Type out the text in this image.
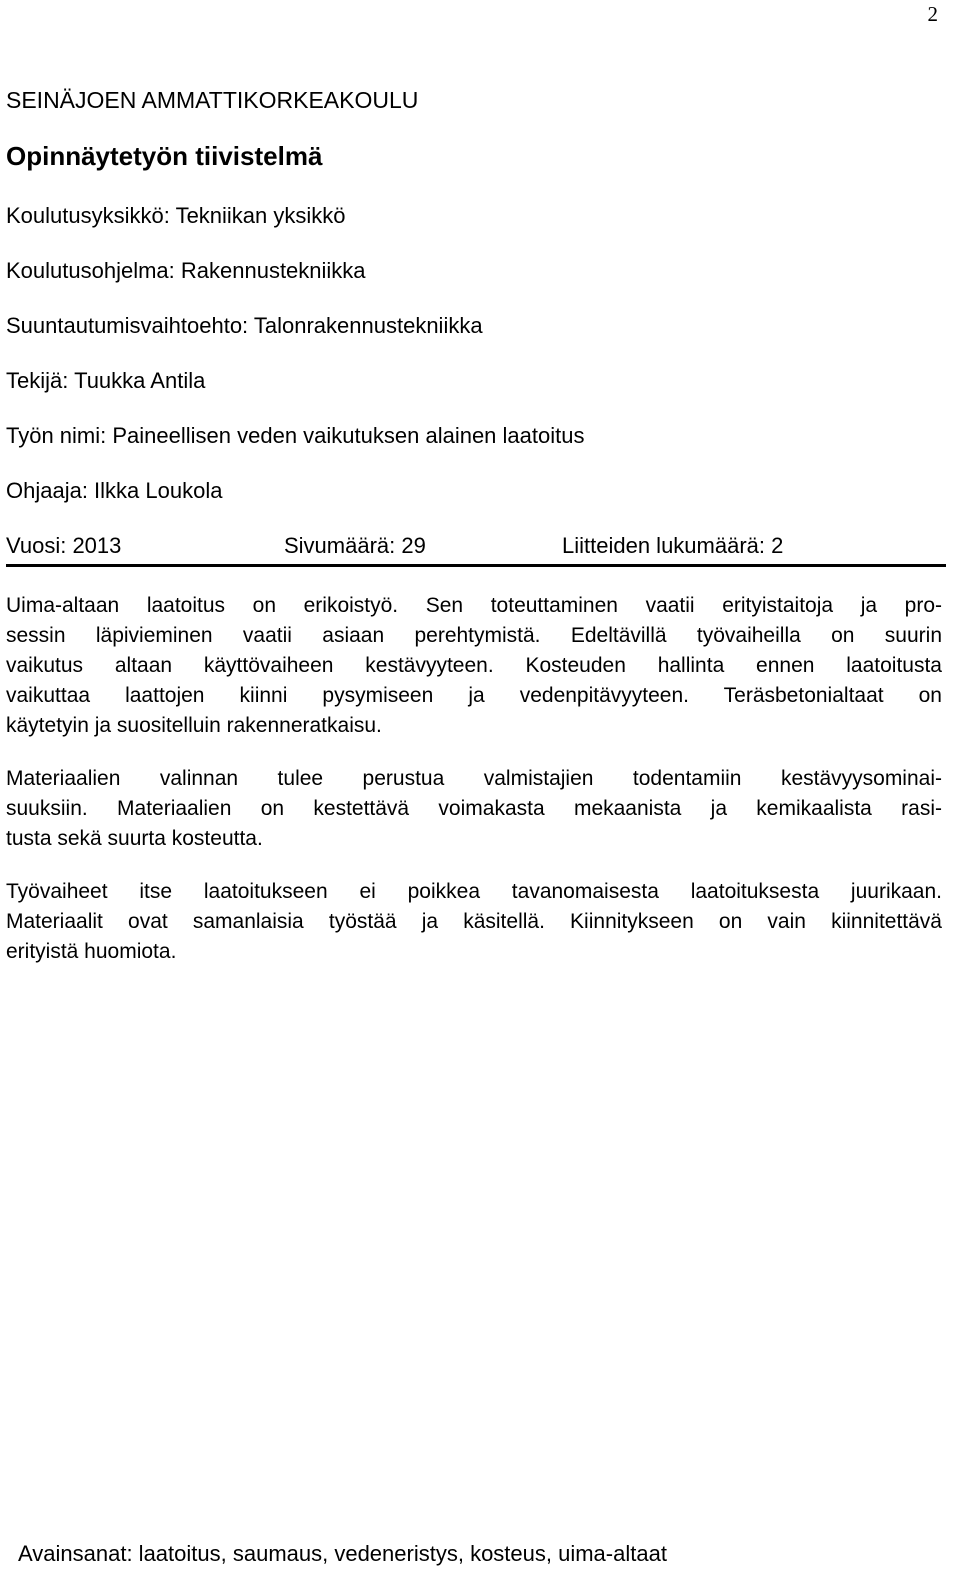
2
SEINÄJOEN AMMATTIKORKEAKOULU
Opinnäytetyön tiivistelmä
Koulutusyksikkö: Tekniikan yksikkö
Koulutusohjelma: Rakennustekniikka
Suuntautumisvaihtoehto: Talonrakennustekniikka
Tekijä: Tuukka Antila
Työn nimi: Paineellisen veden vaikutuksen alainen laatoitus
Ohjaaja: Ilkka Loukola
Vuosi: 2013	Sivumäärä: 29	Liitteiden lukumäärä: 2
Uima-altaan laatoitus on erikoistyö. Sen toteuttaminen vaatii erityistaitoja ja pro-
sessin läpivieminen vaatii asiaan perehtymistä. Edeltävillä työvaiheilla on suurin
vaikutus altaan käyttövaiheen kestävyyteen. Kosteuden hallinta ennen laatoitusta
vaikuttaa laattojen kiinni pysymiseen ja vedenpitävyyteen. Teräsbetonialtaat on
käytetyin ja suositelluin rakenneratkaisu.
Materiaalien valinnan tulee perustua valmistajien todentamiin kestävyysominai-
suuksiin. Materiaalien on kestettävä voimakasta mekaanista ja kemikaalista rasi-
tusta sekä suurta kosteutta.
Työvaiheet itse laatoitukseen ei poikkea tavanomaisesta laatoituksesta juurikaan.
Materiaalit ovat samanlaisia työstää ja käsitellä. Kiinnitykseen on vain kiinnitettävä
erityistä huomiota.
Avainsanat: laatoitus, saumaus, vedeneristys, kosteus, uima-altaat
